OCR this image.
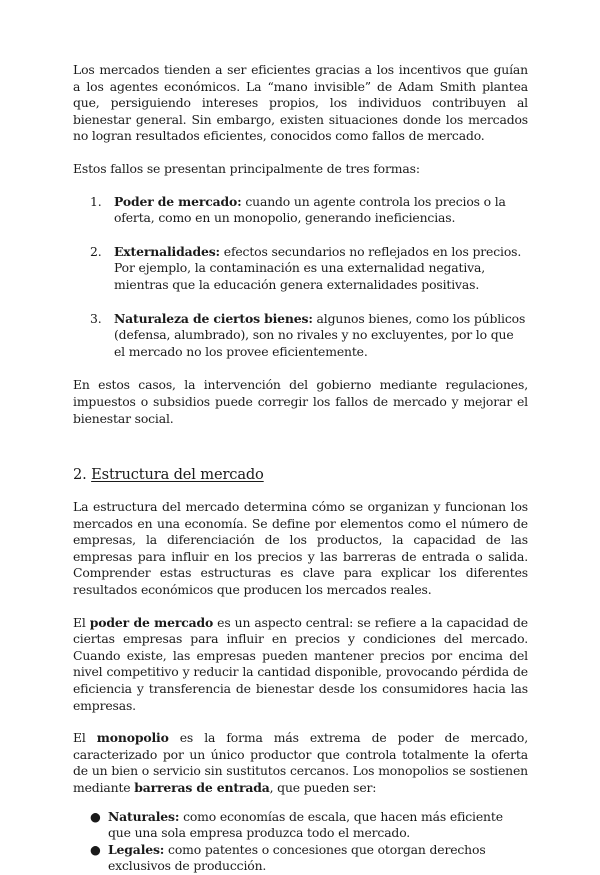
Los mercados tienden a ser eficientes gracias a los incentivos que guían a los agentes económicos. La “mano invisible” de Adam Smith plantea que, persiguiendo intereses propios, los individuos contribuyen al bienestar general. Sin embargo, existen situaciones donde los mercados no logran resultados eficientes, conocidos como fallos de mercado.

Estos fallos se presentan principalmente de tres formas:

1. Poder de mercado: cuando un agente controla los precios o la oferta, como en un monopolio, generando ineficiencias.
2. Externalidades: efectos secundarios no reflejados en los precios. Por ejemplo, la contaminación es una externalidad negativa, mientras que la educación genera externalidades positivas.
3. Naturaleza de ciertos bienes: algunos bienes, como los públicos (defensa, alumbrado), son no rivales y no excluyentes, por lo que el mercado no los provee eficientemente.

En estos casos, la intervención del gobierno mediante regulaciones, impuestos o subsidios puede corregir los fallos de mercado y mejorar el bienestar social.

2. Estructura del mercado

La estructura del mercado determina cómo se organizan y funcionan los mercados en una economía. Se define por elementos como el número de empresas, la diferenciación de los productos, la capacidad de las empresas para influir en los precios y las barreras de entrada o salida. Comprender estas estructuras es clave para explicar los diferentes resultados económicos que producen los mercados reales.

El poder de mercado es un aspecto central: se refiere a la capacidad de ciertas empresas para influir en precios y condiciones del mercado. Cuando existe, las empresas pueden mantener precios por encima del nivel competitivo y reducir la cantidad disponible, provocando pérdida de eficiencia y transferencia de bienestar desde los consumidores hacia las empresas.

El monopolio es la forma más extrema de poder de mercado, caracterizado por un único productor que controla totalmente la oferta de un bien o servicio sin sustitutos cercanos. Los monopolios se sostienen mediante barreras de entrada, que pueden ser:

● Naturales: como economías de escala, que hacen más eficiente que una sola empresa produzca todo el mercado.
● Legales: como patentes o concesiones que otorgan derechos exclusivos de producción.
